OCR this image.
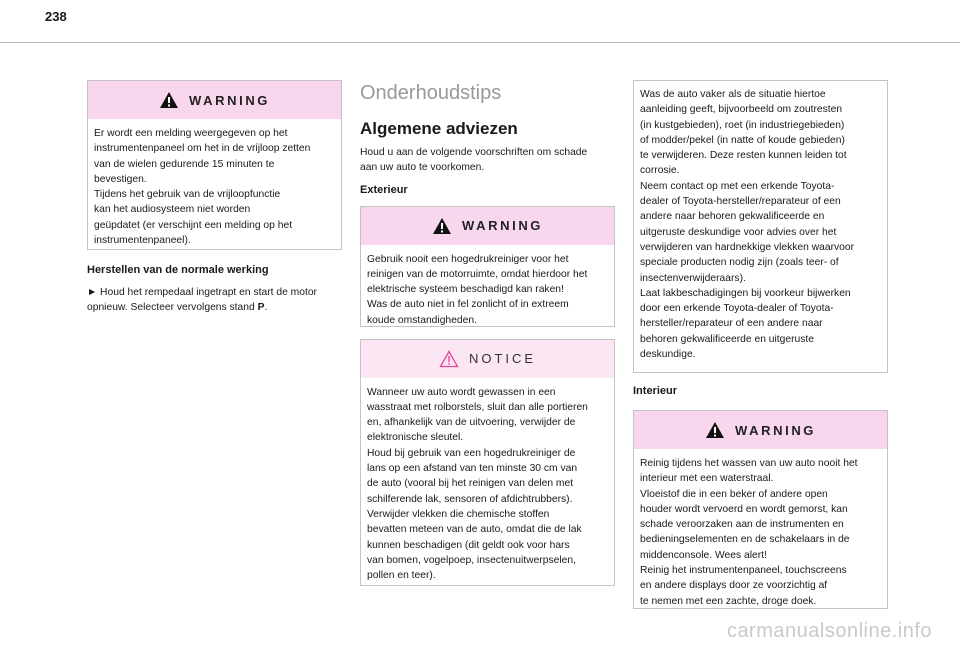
238
WARNING

Er wordt een melding weergegeven op het
instrumentenpaneel om het in de vrijloop zetten
van de wielen gedurende 15 minuten te
bevestigen.
Tijdens het gebruik van de vrijloopfunctie
kan het audiosysteem niet worden
geüpdatet (er verschijnt een melding op het
instrumentenpaneel).

Herstellen van de normale werking
► Houd het rempedaal ingetrapt en start de motor
opnieuw. Selecteer vervolgens stand P.
Onderhoudstips
Algemene adviezen
Houd u aan de volgende voorschriften om schade
aan uw auto te voorkomen.
Exterieur
WARNING

Gebruik nooit een hogedrukreiniger voor het
reinigen van de motorruimte, omdat hierdoor het
elektrische systeem beschadigd kan raken!
Was de auto niet in fel zonlicht of in extreem
koude omstandigheden.

NOTICE

Wanneer uw auto wordt gewassen in een
wasstraat met rolborstels, sluit dan alle portieren
en, afhankelijk van de uitvoering, verwijder de
elektronische sleutel.
Houd bij gebruik van een hogedrukreiniger de
lans op een afstand van ten minste 30 cm van
de auto (vooral bij het reinigen van delen met
schilferende lak, sensoren of afdichtrubbers).
Verwijder vlekken die chemische stoffen
bevatten meteen van de auto, omdat die de lak
kunnen beschadigen (dit geldt ook voor hars
van bomen, vogelpoep, insectenuitwerpselen,
pollen en teer).

Was de auto vaker als de situatie hiertoe
aanleiding geeft, bijvoorbeeld om zoutresten
(in kustgebieden), roet (in industriegebieden)
of modder/pekel (in natte of koude gebieden)
te verwijderen. Deze resten kunnen leiden tot
corrosie.
Neem contact op met een erkende Toyota-
dealer of Toyota-hersteller/reparateur of een
andere naar behoren gekwalificeerde en
uitgeruste deskundige voor advies over het
verwijderen van hardnekkige vlekken waarvoor
speciale producten nodig zijn (zoals teer- of
insectenverwijderaars).
Laat lakbeschadigingen bij voorkeur bijwerken
door een erkende Toyota-dealer of Toyota-
hersteller/reparateur of een andere naar
behoren gekwalificeerde en uitgeruste
deskundige.

Interieur
WARNING

Reinig tijdens het wassen van uw auto nooit het
interieur met een waterstraal.
Vloeistof die in een beker of andere open
houder wordt vervoerd en wordt gemorst, kan
schade veroorzaken aan de instrumenten en
bedieningselementen en de schakelaars in de
middenconsole. Wees alert!
Reinig het instrumentenpaneel, touchscreens
en andere displays door ze voorzichtig af
te nemen met een zachte, droge doek.

carmanualsonline.info
